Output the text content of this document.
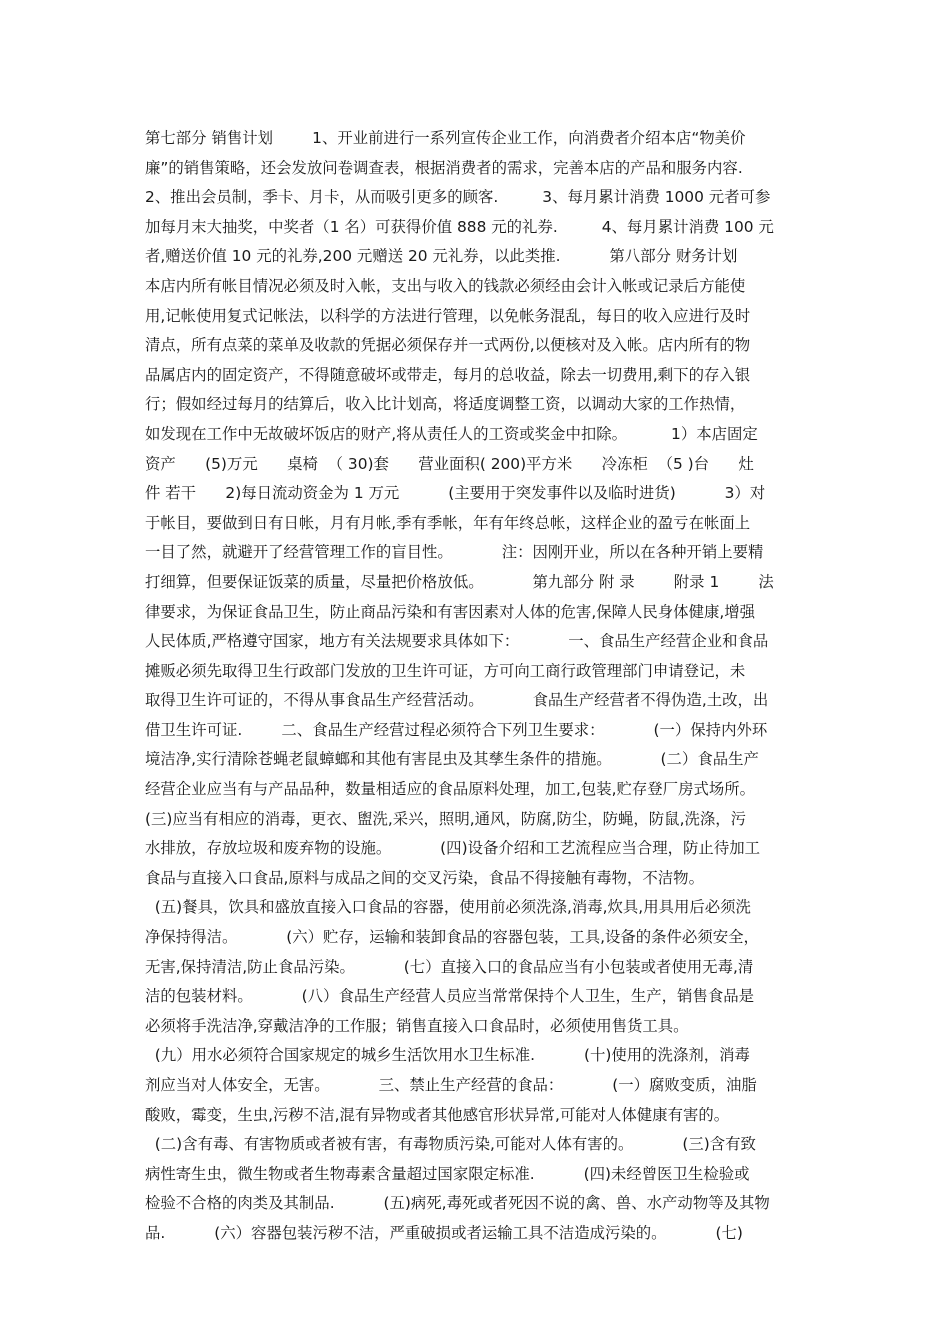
第七部分 销售计划        1、开业前进行一系列宣传企业工作，向消费者介绍本店“物美价
廉”的销售策略，还会发放问卷调查表，根据消费者的需求，完善本店的产品和服务内容.
2、推出会员制，季卡、月卡，从而吸引更多的顾客.         3、每月累计消费 1000 元者可参
加每月末大抽奖，中奖者（1 名）可获得价值 888 元的礼券.         4、每月累计消费 100 元
者,赠送价值 10 元的礼券,200 元赠送 20 元礼券，以此类推.          第八部分 财务计划
本店内所有帐目情况必须及时入帐，支出与收入的钱款必须经由会计入帐或记录后方能使
用,记帐使用复式记帐法，以科学的方法进行管理，以免帐务混乱，每日的收入应进行及时
清点，所有点菜的菜单及收款的凭据必须保存并一式两份,以便核对及入帐。店内所有的物
品属店内的固定资产，不得随意破坏或带走，每月的总收益，除去一切费用,剩下的存入银
行；假如经过每月的结算后，收入比计划高，将适度调整工资，以调动大家的工作热情，
如发现在工作中无故破坏饭店的财产,将从责任人的工资或奖金中扣除。         1）本店固定
资产      (5)万元      桌椅  （ 30)套      营业面积( 200)平方米      冷冻柜  （5 )台      灶
件 若干      2)每日流动资金为 1 万元          (主要用于突发事件以及临时进货)          3）对
于帐目，要做到日有日帐，月有月帐,季有季帐，年有年终总帐，这样企业的盈亏在帐面上
一目了然，就避开了经营管理工作的盲目性。          注：因刚开业，所以在各种开销上要精
打细算，但要保证饭菜的质量，尽量把价格放低。          第九部分 附 录        附录 1        法
律要求，为保证食品卫生，防止商品污染和有害因素对人体的危害,保障人民身体健康,增强
人民体质,严格遵守国家，地方有关法规要求具体如下：          一、食品生产经营企业和食品
摊贩必须先取得卫生行政部门发放的卫生许可证，方可向工商行政管理部门申请登记，未
取得卫生许可证的，不得从事食品生产经营活动。          食品生产经营者不得伪造,土改，出
借卫生许可证.        二、食品生产经营过程必须符合下列卫生要求：          (一）保持内外环
境洁净,实行清除苍蝇老鼠蟑螂和其他有害昆虫及其孳生条件的措施。          (二）食品生产
经营企业应当有与产品品种，数量相适应的食品原料处理，加工,包装,贮存登厂房式场所。
(三)应当有相应的消毒，更衣、盥洗,采兴，照明,通风，防腐,防尘，防蝇，防鼠,洗涤，污
水排放，存放垃圾和废弃物的设施。          (四)设备介绍和工艺流程应当合理，防止待加工
食品与直接入口食品,原料与成品之间的交叉污染，食品不得接触有毒物，不洁物。
(五)餐具，饮具和盛放直接入口食品的容器，使用前必须洗涤,消毒,炊具,用具用后必须洗
净保持得洁。          (六）贮存，运输和装卸食品的容器包装，工具,设备的条件必须安全，
无害,保持清洁,防止食品污染。          (七）直接入口的食品应当有小包装或者使用无毒,清
洁的包装材料。          (八）食品生产经营人员应当常常保持个人卫生，生产，销售食品是
必须将手洗洁净,穿戴洁净的工作服；销售直接入口食品时，必须使用售货工具。
(九）用水必须符合国家规定的城乡生活饮用水卫生标准.          (十)使用的洗涤剂，消毒
剂应当对人体安全，无害。          三、禁止生产经营的食品：          (一）腐败变质，油脂
酸败，霉变，生虫,污秽不洁,混有异物或者其他感官形状异常,可能对人体健康有害的。
(二)含有毒、有害物质或者被有害，有毒物质污染,可能对人体有害的。          (三)含有致
病性寄生虫，微生物或者生物毒素含量超过国家限定标准.          (四)未经曾医卫生检验或
检验不合格的肉类及其制品.          (五)病死,毒死或者死因不说的禽、兽、水产动物等及其物
品.          (六）容器包装污秽不洁，严重破损或者运输工具不洁造成污染的。          (七)
